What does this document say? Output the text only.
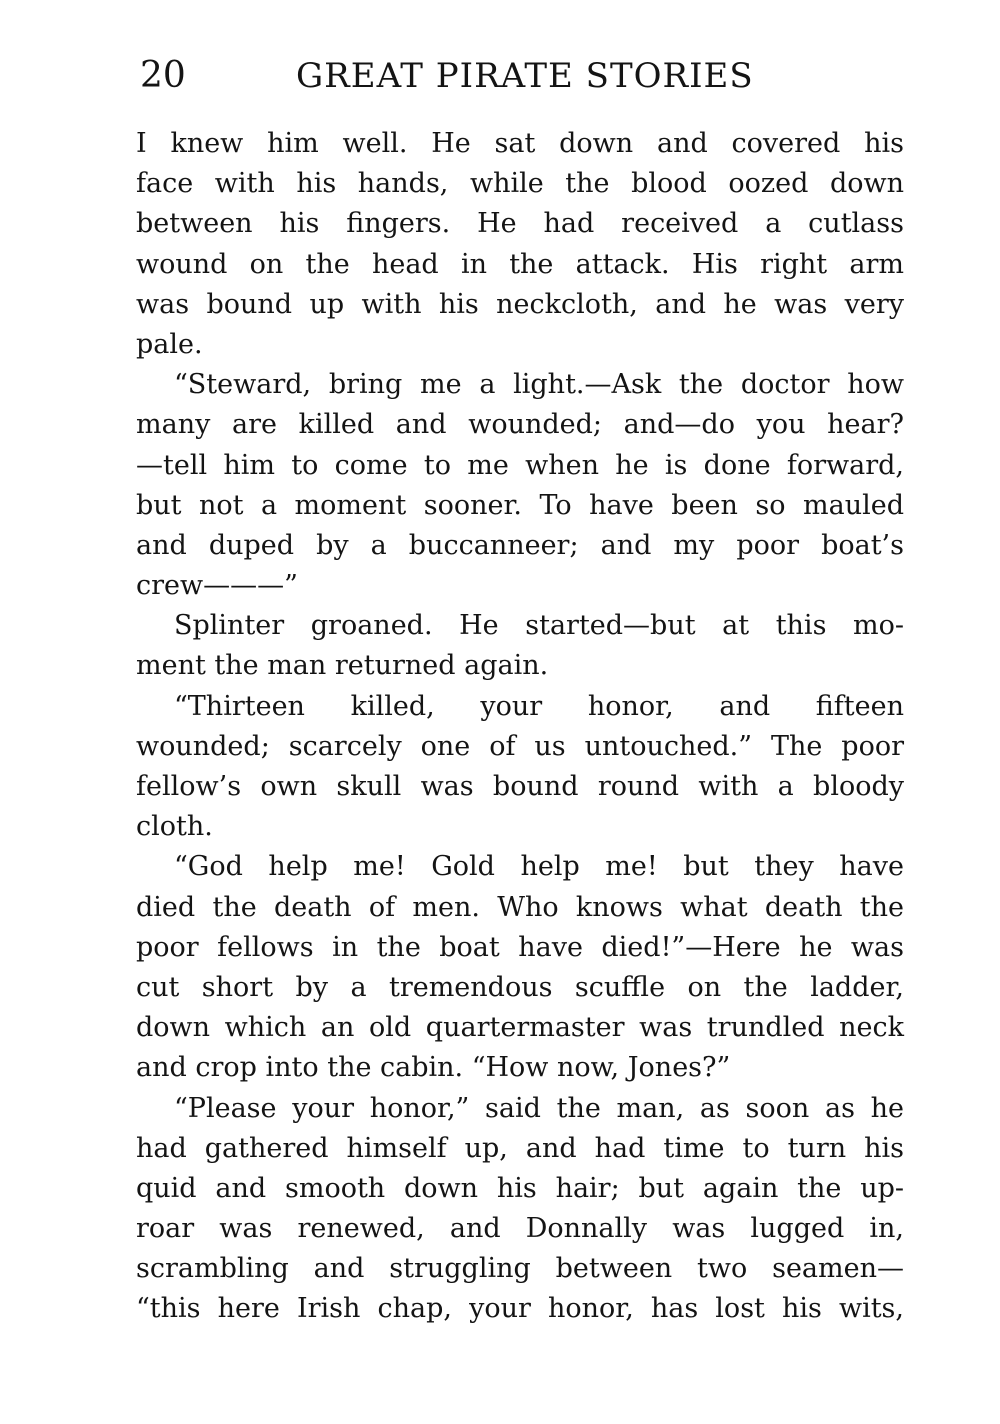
20	GREAT PIRATE STORIES
I knew him well. He sat down and covered his
face with his hands, while the blood oozed down
between his fingers. He had received a cutlass
wound on the head in the attack. His right arm
was bound up with his neckcloth, and he was very
pale.
“Steward, bring me a light.—Ask the doctor how
many are killed and wounded; and—do you hear?
—tell him to come to me when he is done forward,
but not a moment sooner. To have been so mauled
and duped by a buccanneer; and my poor boat’s
crew———”
Splinter groaned. He started—but at this mo-
ment the man returned again.
“Thirteen killed, your honor, and fifteen
wounded; scarcely one of us untouched.” The poor
fellow’s own skull was bound round with a bloody
cloth.
“God help me! Gold help me! but they have
died the death of men. Who knows what death the
poor fellows in the boat have died!”—Here he was
cut short by a tremendous scuffle on the ladder,
down which an old quartermaster was trundled neck
and crop into the cabin. “How now, Jones?”
“Please your honor,” said the man, as soon as he
had gathered himself up, and had time to turn his
quid and smooth down his hair; but again the up-
roar was renewed, and Donnally was lugged in,
scrambling and struggling between two seamen—
“this here Irish chap, your honor, has lost his wits,
